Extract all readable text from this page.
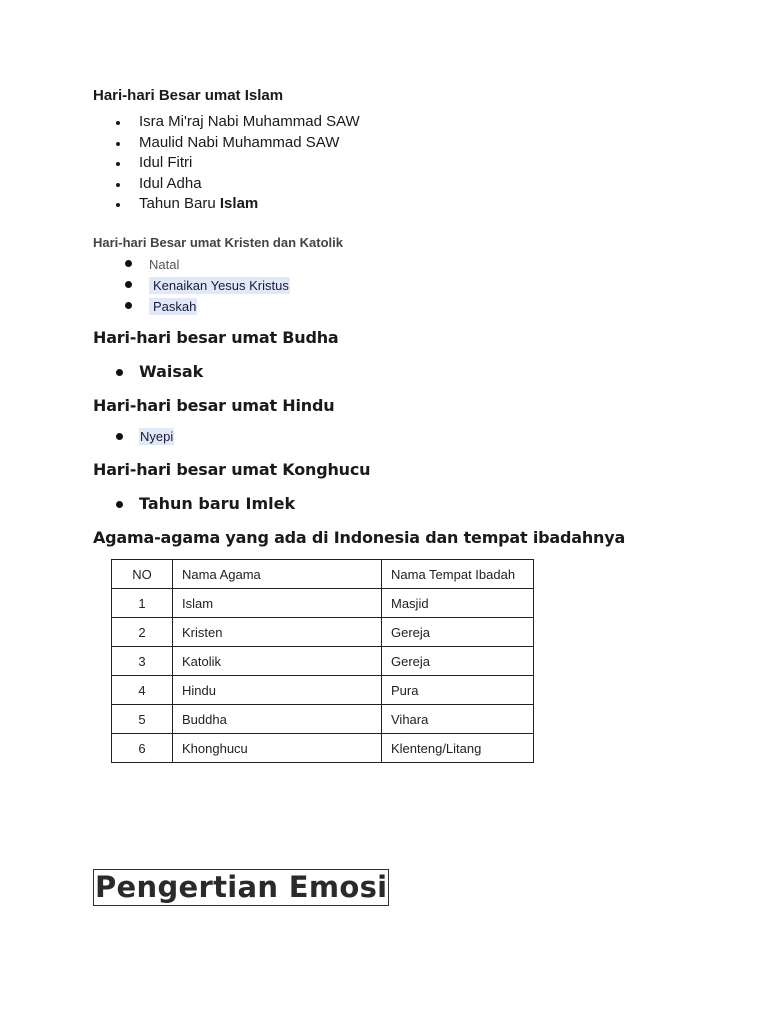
Hari-hari Besar umat Islam
Isra Mi'raj Nabi Muhammad SAW
Maulid Nabi Muhammad SAW
Idul Fitri
Idul Adha
Tahun Baru Islam
Hari-hari Besar umat Kristen dan Katolik
Natal
Kenaikan Yesus Kristus
Paskah
Hari-hari besar umat Budha
Waisak
Hari-hari besar umat Hindu
Nyepi
Hari-hari besar umat Konghucu
Tahun baru Imlek
Agama-agama yang ada di Indonesia dan tempat ibadahnya
NO	Nama Agama	Nama Tempat Ibadah
1	Islam	Masjid
2	Kristen	Gereja
3	Katolik	Gereja
4	Hindu	Pura
5	Buddha	Vihara
6	Khonghucu	Klenteng/Litang
Pengertian Emosi
